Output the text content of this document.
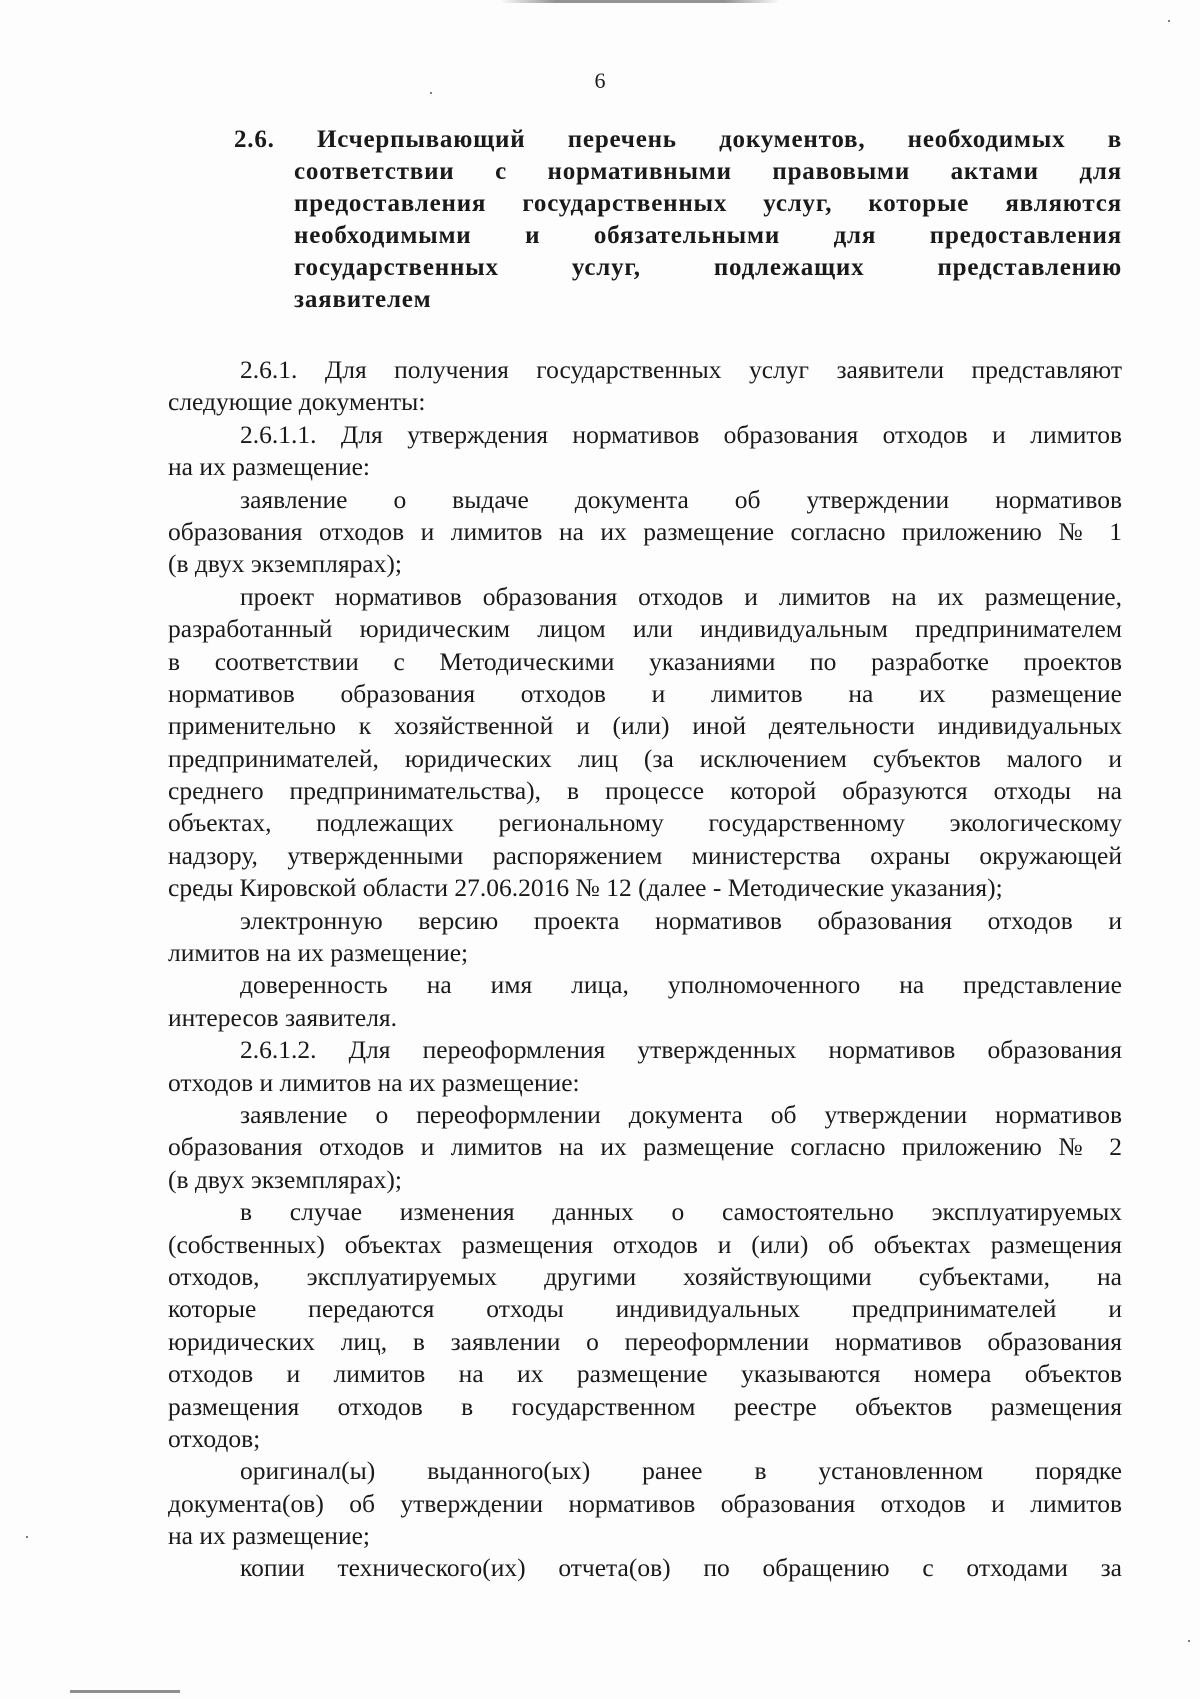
6
2.6. Исчерпывающий перечень документов, необходимых в
соответствии с нормативными правовыми актами для
предоставления государственных услуг, которые являются
необходимыми и обязательными для предоставления
государственных услуг, подлежащих представлению
заявителем
2.6.1. Для получения государственных услуг заявители представляют
следующие документы:
2.6.1.1. Для утверждения нормативов образования отходов и лимитов
на их размещение:
заявление о выдаче документа об утверждении нормативов
образования отходов и лимитов на их размещение согласно приложению № 1
(в двух экземплярах);
проект нормативов образования отходов и лимитов на их размещение,
разработанный юридическим лицом или индивидуальным предпринимателем
в соответствии с Методическими указаниями по разработке проектов
нормативов образования отходов и лимитов на их размещение
применительно к хозяйственной и (или) иной деятельности индивидуальных
предпринимателей, юридических лиц (за исключением субъектов малого и
среднего предпринимательства), в процессе которой образуются отходы на
объектах, подлежащих региональному государственному экологическому
надзору, утвержденными распоряжением министерства охраны окружающей
среды Кировской области 27.06.2016 № 12 (далее - Методические указания);
электронную версию проекта нормативов образования отходов и
лимитов на их размещение;
доверенность на имя лица, уполномоченного на представление
интересов заявителя.
2.6.1.2. Для переоформления утвержденных нормативов образования
отходов и лимитов на их размещение:
заявление о переоформлении документа об утверждении нормативов
образования отходов и лимитов на их размещение согласно приложению № 2
(в двух экземплярах);
в случае изменения данных о самостоятельно эксплуатируемых
(собственных) объектах размещения отходов и (или) об объектах размещения
отходов, эксплуатируемых другими хозяйствующими субъектами, на
которые передаются отходы индивидуальных предпринимателей и
юридических лиц, в заявлении о переоформлении нормативов образования
отходов и лимитов на их размещение указываются номера объектов
размещения отходов в государственном реестре объектов размещения
отходов;
оригинал(ы) выданного(ых) ранее в установленном порядке
документа(ов) об утверждении нормативов образования отходов и лимитов
на их размещение;
копии технического(их) отчета(ов) по обращению с отходами за
